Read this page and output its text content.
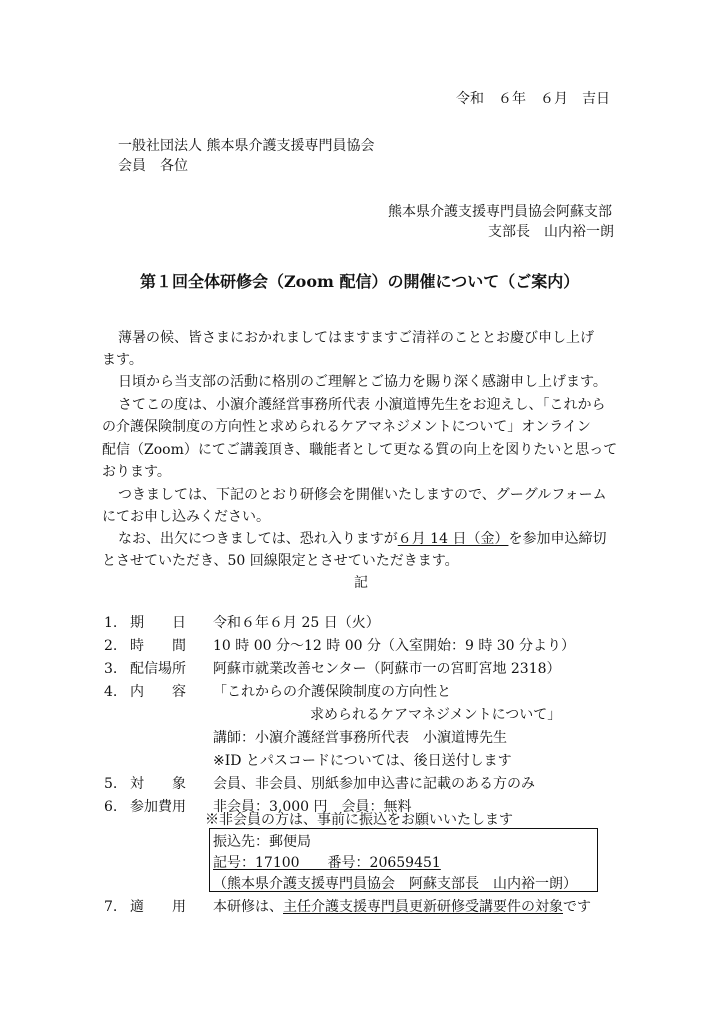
令和　６年　６月　吉日
一般社団法人 熊本県介護支援専門員協会
会員　各位
熊本県介護支援専門員協会阿蘇支部
支部長　山内裕一朗
第１回全体研修会（Zoom 配信）の開催について（ご案内）
薄暑の候、皆さまにおかれましてはますますご清祥のこととお慶び申し上げ
ます。
日頃から当支部の活動に格別のご理解とご協力を賜り深く感謝申し上げます。
さてこの度は、小濵介護経営事務所代表 小濵道博先生をお迎えし、「これから
の介護保険制度の方向性と求められるケアマネジメントについて」オンライン
配信（Zoom）にてご講義頂き、職能者として更なる質の向上を図りたいと思って
おります。
つきましては、下記のとおり研修会を開催いたしますので、グーグルフォーム
にてお申し込みください。
なお、出欠につきましては、恐れ入りますが６月 14 日（金）を参加申込締切
とさせていただき、50 回線限定とさせていただきます。
記
1. 期　　日 令和６年６月 25 日（火）
2. 時　　間 10 時 00 分～12 時 00 分（入室開始：9 時 30 分より）
3. 配信場所 阿蘇市就業改善センター（阿蘇市一の宮町宮地 2318）
4. 内　　容 「これからの介護保険制度の方向性と
求められるケアマネジメントについて」
講師：小濵介護経営事務所代表　小濵道博先生
※ID とパスコードについては、後日送付します
5. 対　　象 会員、非会員、別紙参加申込書に記載のある方のみ
6. 参加費用 非会員：3,000 円　会員：無料
※非会員の方は、事前に振込をお願いいたします
振込先：郵便局
記号：17100　　番号：20659451
（熊本県介護支援専門員協会　阿蘇支部長　山内裕一朗）
7. 適　　用 本研修は、主任介護支援専門員更新研修受講要件の対象です
